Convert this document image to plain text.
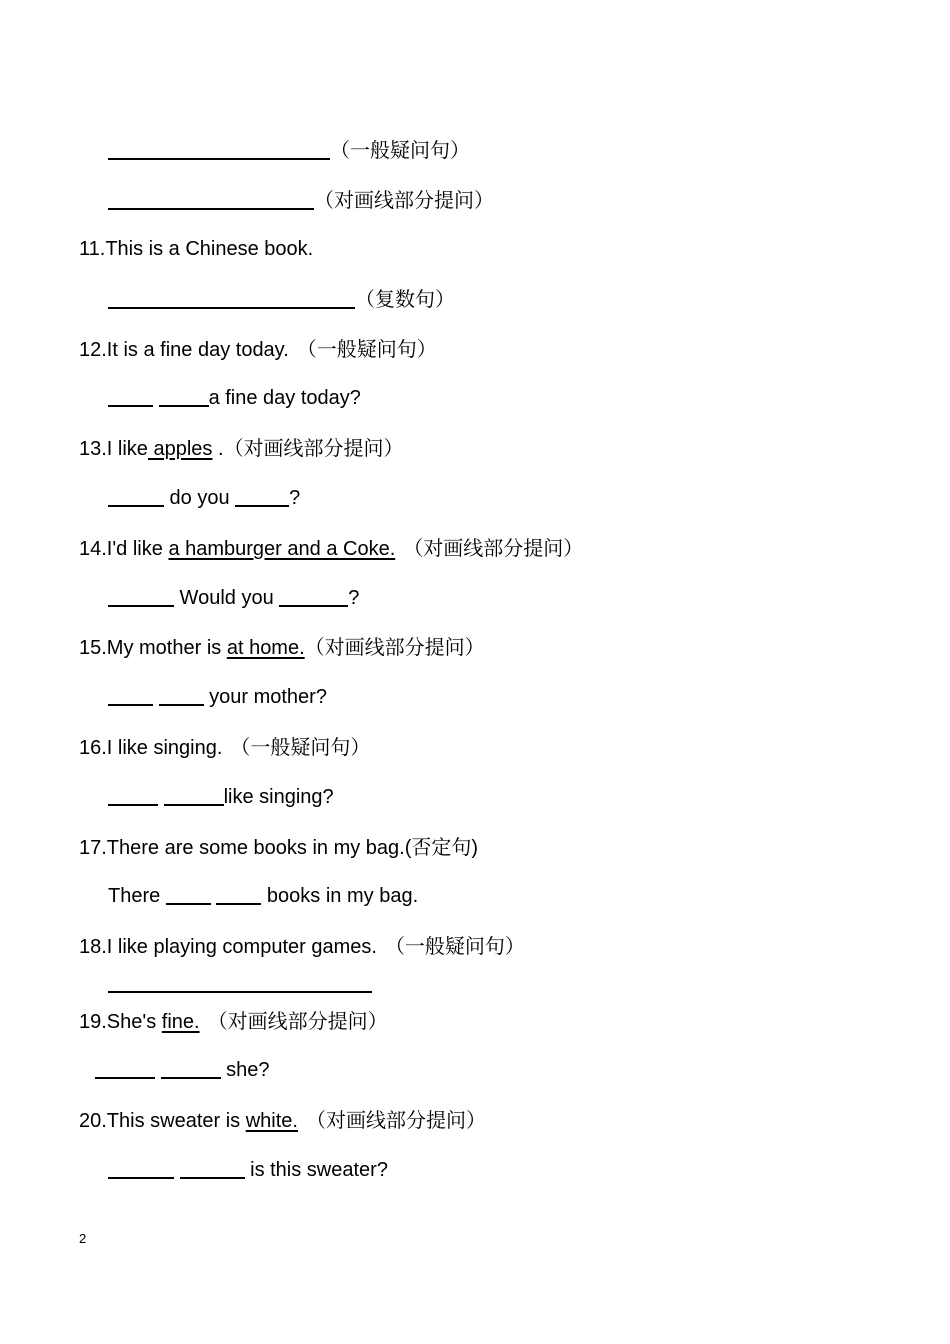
（一般疑问句）
（对画线部分提问）
11.This is a Chinese book.
（复数句）
12.It is a fine day today. （一般疑问句）
a fine day today?
13.I like apples .（对画线部分提问）
do you	?
14.I'd like a hamburger and a Coke. （对画线部分提问）
Would you	?
15.My mother is at home.（对画线部分提问）
your mother?
16.I like singing. （一般疑问句）
like singing?
17.There are some books in my bag.(否定句)
There	books in my bag.
18.I like playing computer games. （一般疑问句）
19.She's fine. （对画线部分提问）
she?
20.This sweater is white. （对画线部分提问）
is this sweater?
2
